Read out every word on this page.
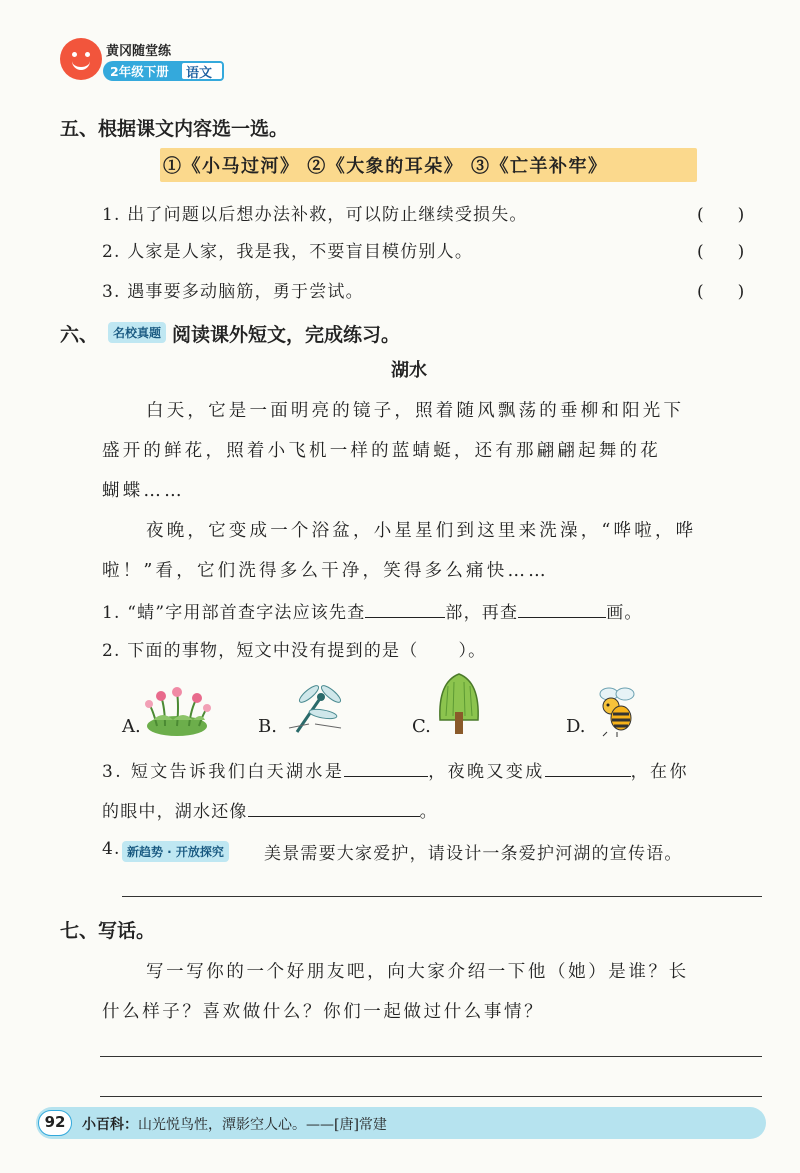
黄冈随堂练
2年级下册 语文
五、根据课文内容选一选。
①《小马过河》 ②《大象的耳朵》 ③《亡羊补牢》
1. 出了问题以后想办法补救，可以防止继续受损失。	(　　)
2. 人家是人家，我是我，不要盲目模仿别人。	(　　)
3. 遇事要多动脑筋，勇于尝试。	(　　)
六、	名校真题 阅读课外短文，完成练习。
湖水
白天，它是一面明亮的镜子，照着随风飘荡的垂柳和阳光下
盛开的鲜花，照着小飞机一样的蓝蜻蜓，还有那翩翩起舞的花
蝴蝶……
夜晚，它变成一个浴盆，小星星们到这里来洗澡，“哗啦，哗
啦！”看，它们洗得多么干净，笑得多么痛快……
1. “蜻”字用部首查字法应该先查	部，再查	画。
2. 下面的事物，短文中没有提到的是（ ）。
A.	B.	C.	D.
3. 短文告诉我们白天湖水是	，夜晚又变成	，在你
的眼中，湖水还像	。
4. 新趋势 · 开放探究 美景需要大家爱护，请设计一条爱护河湖的宣传语。
七、写话。
写一写你的一个好朋友吧，向大家介绍一下他（她）是谁？长
什么样子？喜欢做什么？你们一起做过什么事情？
92	小百科：山光悦鸟性，潭影空人心。——[唐]常建
